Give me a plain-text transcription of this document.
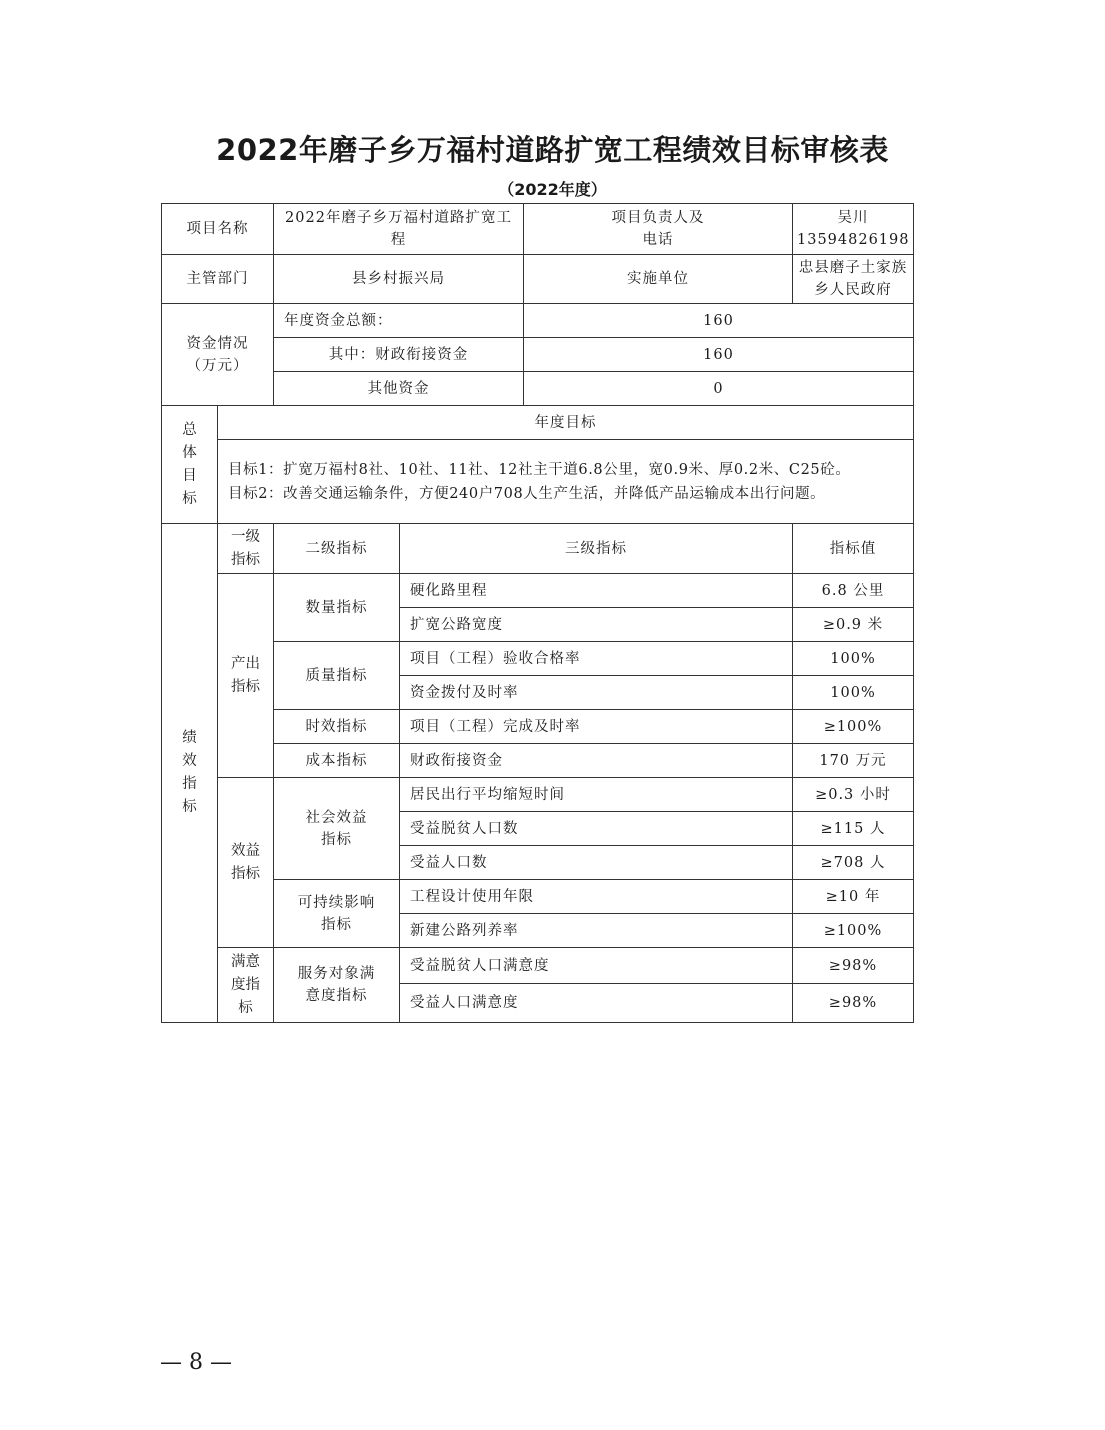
2022年磨子乡万福村道路扩宽工程绩效目标审核表
（2022年度）
项目名称		2022年磨子乡万福村道路扩宽工程		项目负责人及电话	吴川 13594826198
主管部门		县乡村振兴局		实施单位	忠县磨子土家族乡人民政府
资金情况（万元）		年度资金总额：		160	
		其中：财政衔接资金		160	
		其他资金		0	
总体目标	年度目标				

	目标1：扩宽万福村8社、10社、11社、12社主干道6.8公里，宽0.9米、厚0.2米、C25砼。
目标2：改善交通运输条件，方便240户708人生产生活，并降低产品运输成本出行问题。				

绩效指标	一级指标	二级指标	三级指标		指标值
	产出指标	数量指标	硬化路里程		6.8 公里
			扩宽公路宽度		≥0.9 米
		质量指标	项目（工程）验收合格率		100%
			资金拨付及时率		100%
		时效指标	项目（工程）完成及时率		≥100%
		成本指标	财政衔接资金		170 万元
	效益指标	社会效益指标	居民出行平均缩短时间		≥0.3 小时
			受益脱贫人口数		≥115 人
			受益人口数		≥708 人
		可持续影响指标	工程设计使用年限		≥10 年
			新建公路列养率		≥100%
	满意度指标	服务对象满意度指标	受益脱贫人口满意度		≥98%
			受益人口满意度		≥98%
— 8 —
